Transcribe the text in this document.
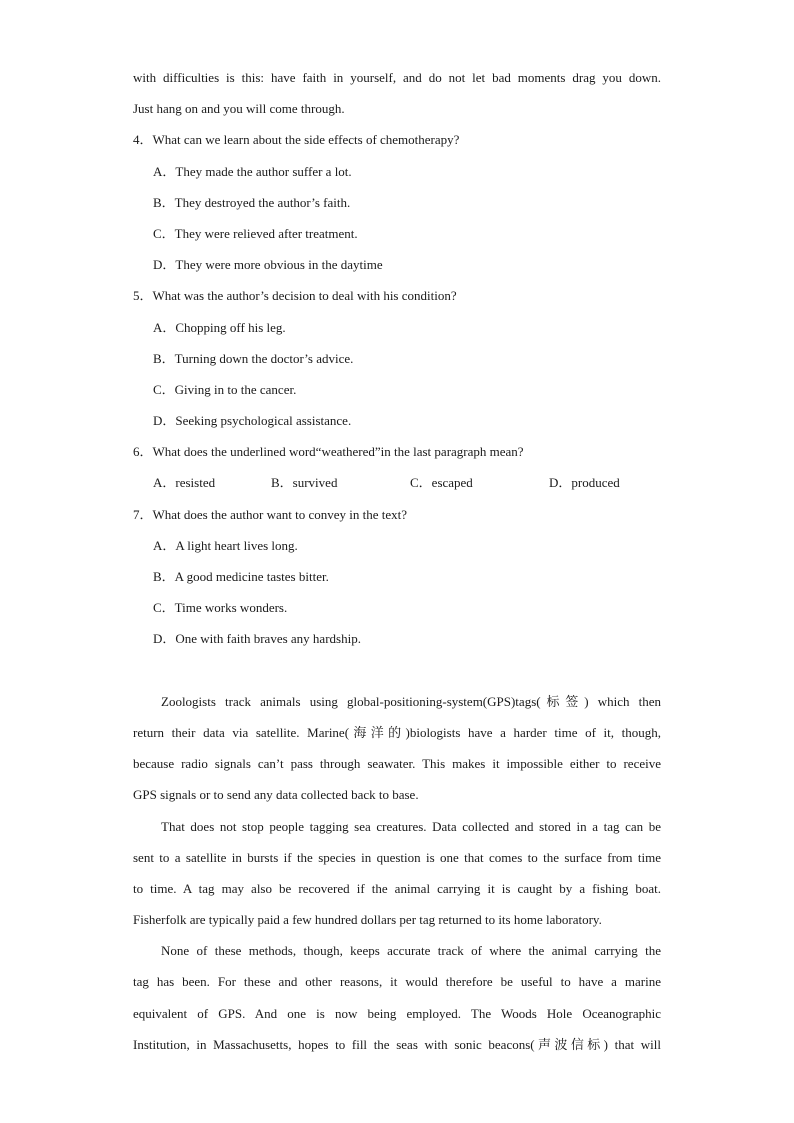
with difficulties is this: have faith in yourself, and do not let bad moments drag you down.
Just hang on and you will come through.
4．What can we learn about the side effects of chemotherapy?
A．They made the author suffer a lot.
B．They destroyed the author’s faith.
C．They were relieved after treatment.
D．They were more obvious in the daytime
5．What was the author’s decision to deal with his condition?
A．Chopping off his leg.
B．Turning down the doctor’s advice.
C．Giving in to the cancer.
D．Seeking psychological assistance.
6．What does the underlined word“weathered”in the last paragraph mean?
A．resisted	B．survived	C．escaped	D．produced
7．What does the author want to convey in the text?
A．A light heart lives long.
B．A good medicine tastes bitter.
C．Time works wonders.
D．One with faith braves any hardship.
Zoologists track animals using global-positioning-system(GPS)tags(标签) which then
return their data via satellite. Marine(海洋的)biologists have a harder time of it, though,
because radio signals can’t pass through seawater. This makes it impossible either to receive
GPS signals or to send any data collected back to base.
That does not stop people tagging sea creatures. Data collected and stored in a tag can be
sent to a satellite in bursts if the species in question is one that comes to the surface from time
to time. A tag may also be recovered if the animal carrying it is caught by a fishing boat.
Fisherfolk are typically paid a few hundred dollars per tag returned to its home laboratory.
None of these methods, though, keeps accurate track of where the animal carrying the
tag has been. For these and other reasons, it would therefore be useful to have a marine
equivalent of GPS. And one is now being employed. The Woods Hole Oceanographic
Institution, in Massachusetts, hopes to fill the seas with sonic beacons(声波信标) that will
